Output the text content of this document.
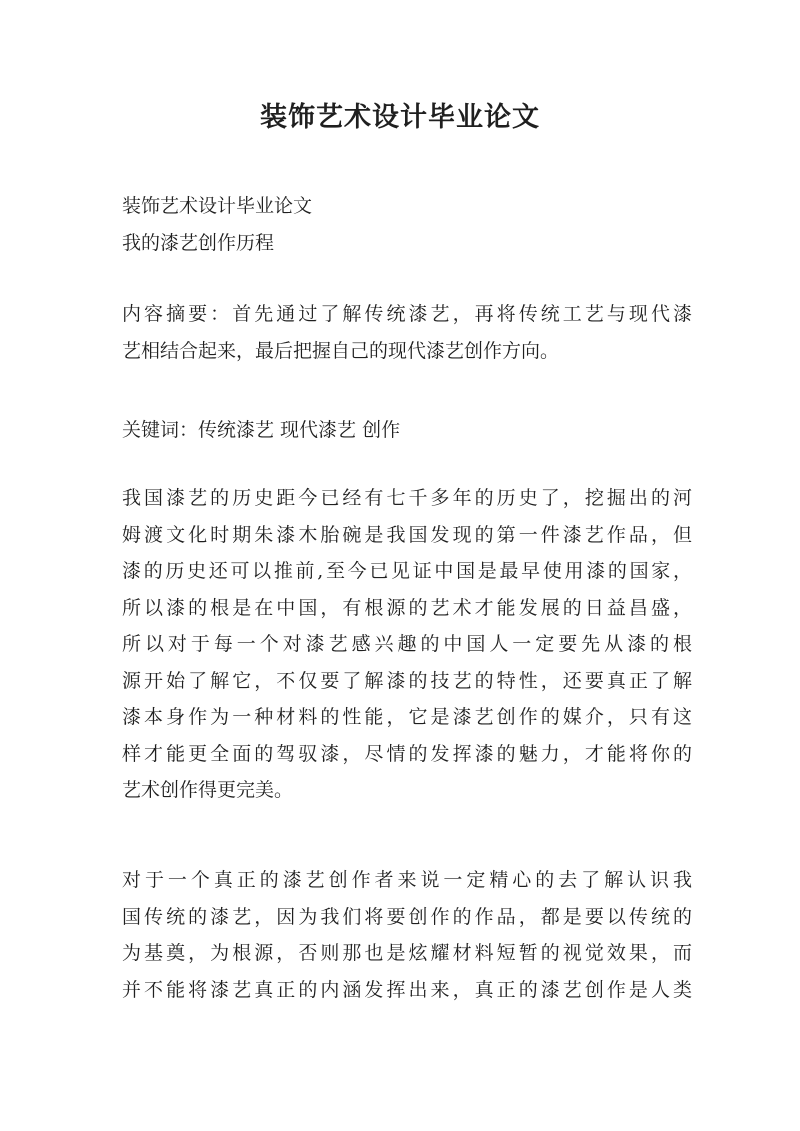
装饰艺术设计毕业论文
装饰艺术设计毕业论文
我的漆艺创作历程
内容摘要：首先通过了解传统漆艺，再将传统工艺与现代漆
艺相结合起来，最后把握自己的现代漆艺创作方向。
关键词：传统漆艺 现代漆艺 创作
我国漆艺的历史距今已经有七千多年的历史了，挖掘出的河
姆渡文化时期朱漆木胎碗是我国发现的第一件漆艺作品，但
漆的历史还可以推前,至今已见证中国是最早使用漆的国家，
所以漆的根是在中国，有根源的艺术才能发展的日益昌盛，
所以对于每一个对漆艺感兴趣的中国人一定要先从漆的根
源开始了解它，不仅要了解漆的技艺的特性，还要真正了解
漆本身作为一种材料的性能，它是漆艺创作的媒介，只有这
样才能更全面的驾驭漆，尽情的发挥漆的魅力，才能将你的
艺术创作得更完美。
对于一个真正的漆艺创作者来说一定精心的去了解认识我
国传统的漆艺，因为我们将要创作的作品，都是要以传统的
为基奠，为根源，否则那也是炫耀材料短暂的视觉效果，而
并不能将漆艺真正的内涵发挥出来，真正的漆艺创作是人类
